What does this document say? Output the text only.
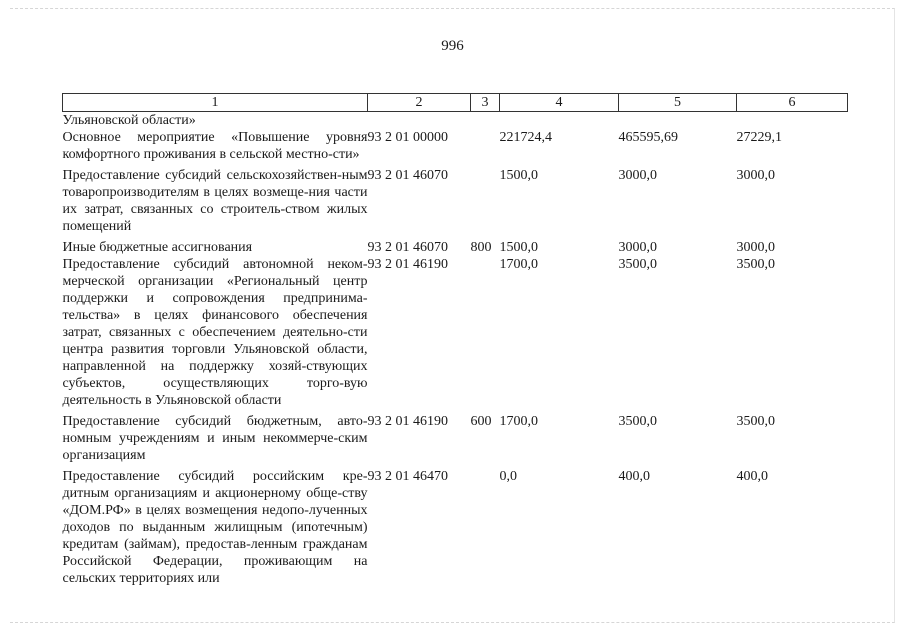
996
1	2	3	4	5	6
Ульяновской области»					
Основное мероприятие «Повышение уровня комфортного проживания в сельской местно-сти»	93 2 01 00000		221724,4	465595,69	27229,1
Предоставление субсидий сельскохозяйствен-ным товаропроизводителям в целях возмеще-ния части их затрат, связанных со строитель-ством жилых помещений	93 2 01 46070		1500,0	3000,0	3000,0
Иные бюджетные ассигнования	93 2 01 46070	800	1500,0	3000,0	3000,0
Предоставление субсидий автономной неком-мерческой организации «Региональный центр поддержки и сопровождения предпринима-тельства» в целях финансового обеспечения затрат, связанных с обеспечением деятельно-сти центра развития торговли Ульяновской области, направленной на поддержку хозяй-ствующих субъектов, осуществляющих торго-вую деятельность в Ульяновской области	93 2 01 46190		1700,0	3500,0	3500,0
Предоставление субсидий бюджетным, авто-номным учреждениям и иным некоммерче-ским организациям	93 2 01 46190	600	1700,0	3500,0	3500,0
Предоставление субсидий российским кре-дитным организациям и акционерному обще-ству «ДОМ.РФ» в целях возмещения недопо-лученных доходов по выданным жилищным (ипотечным) кредитам (займам), предостав-ленным гражданам Российской Федерации, проживающим на сельских территориях или	93 2 01 46470		0,0	400,0	400,0
